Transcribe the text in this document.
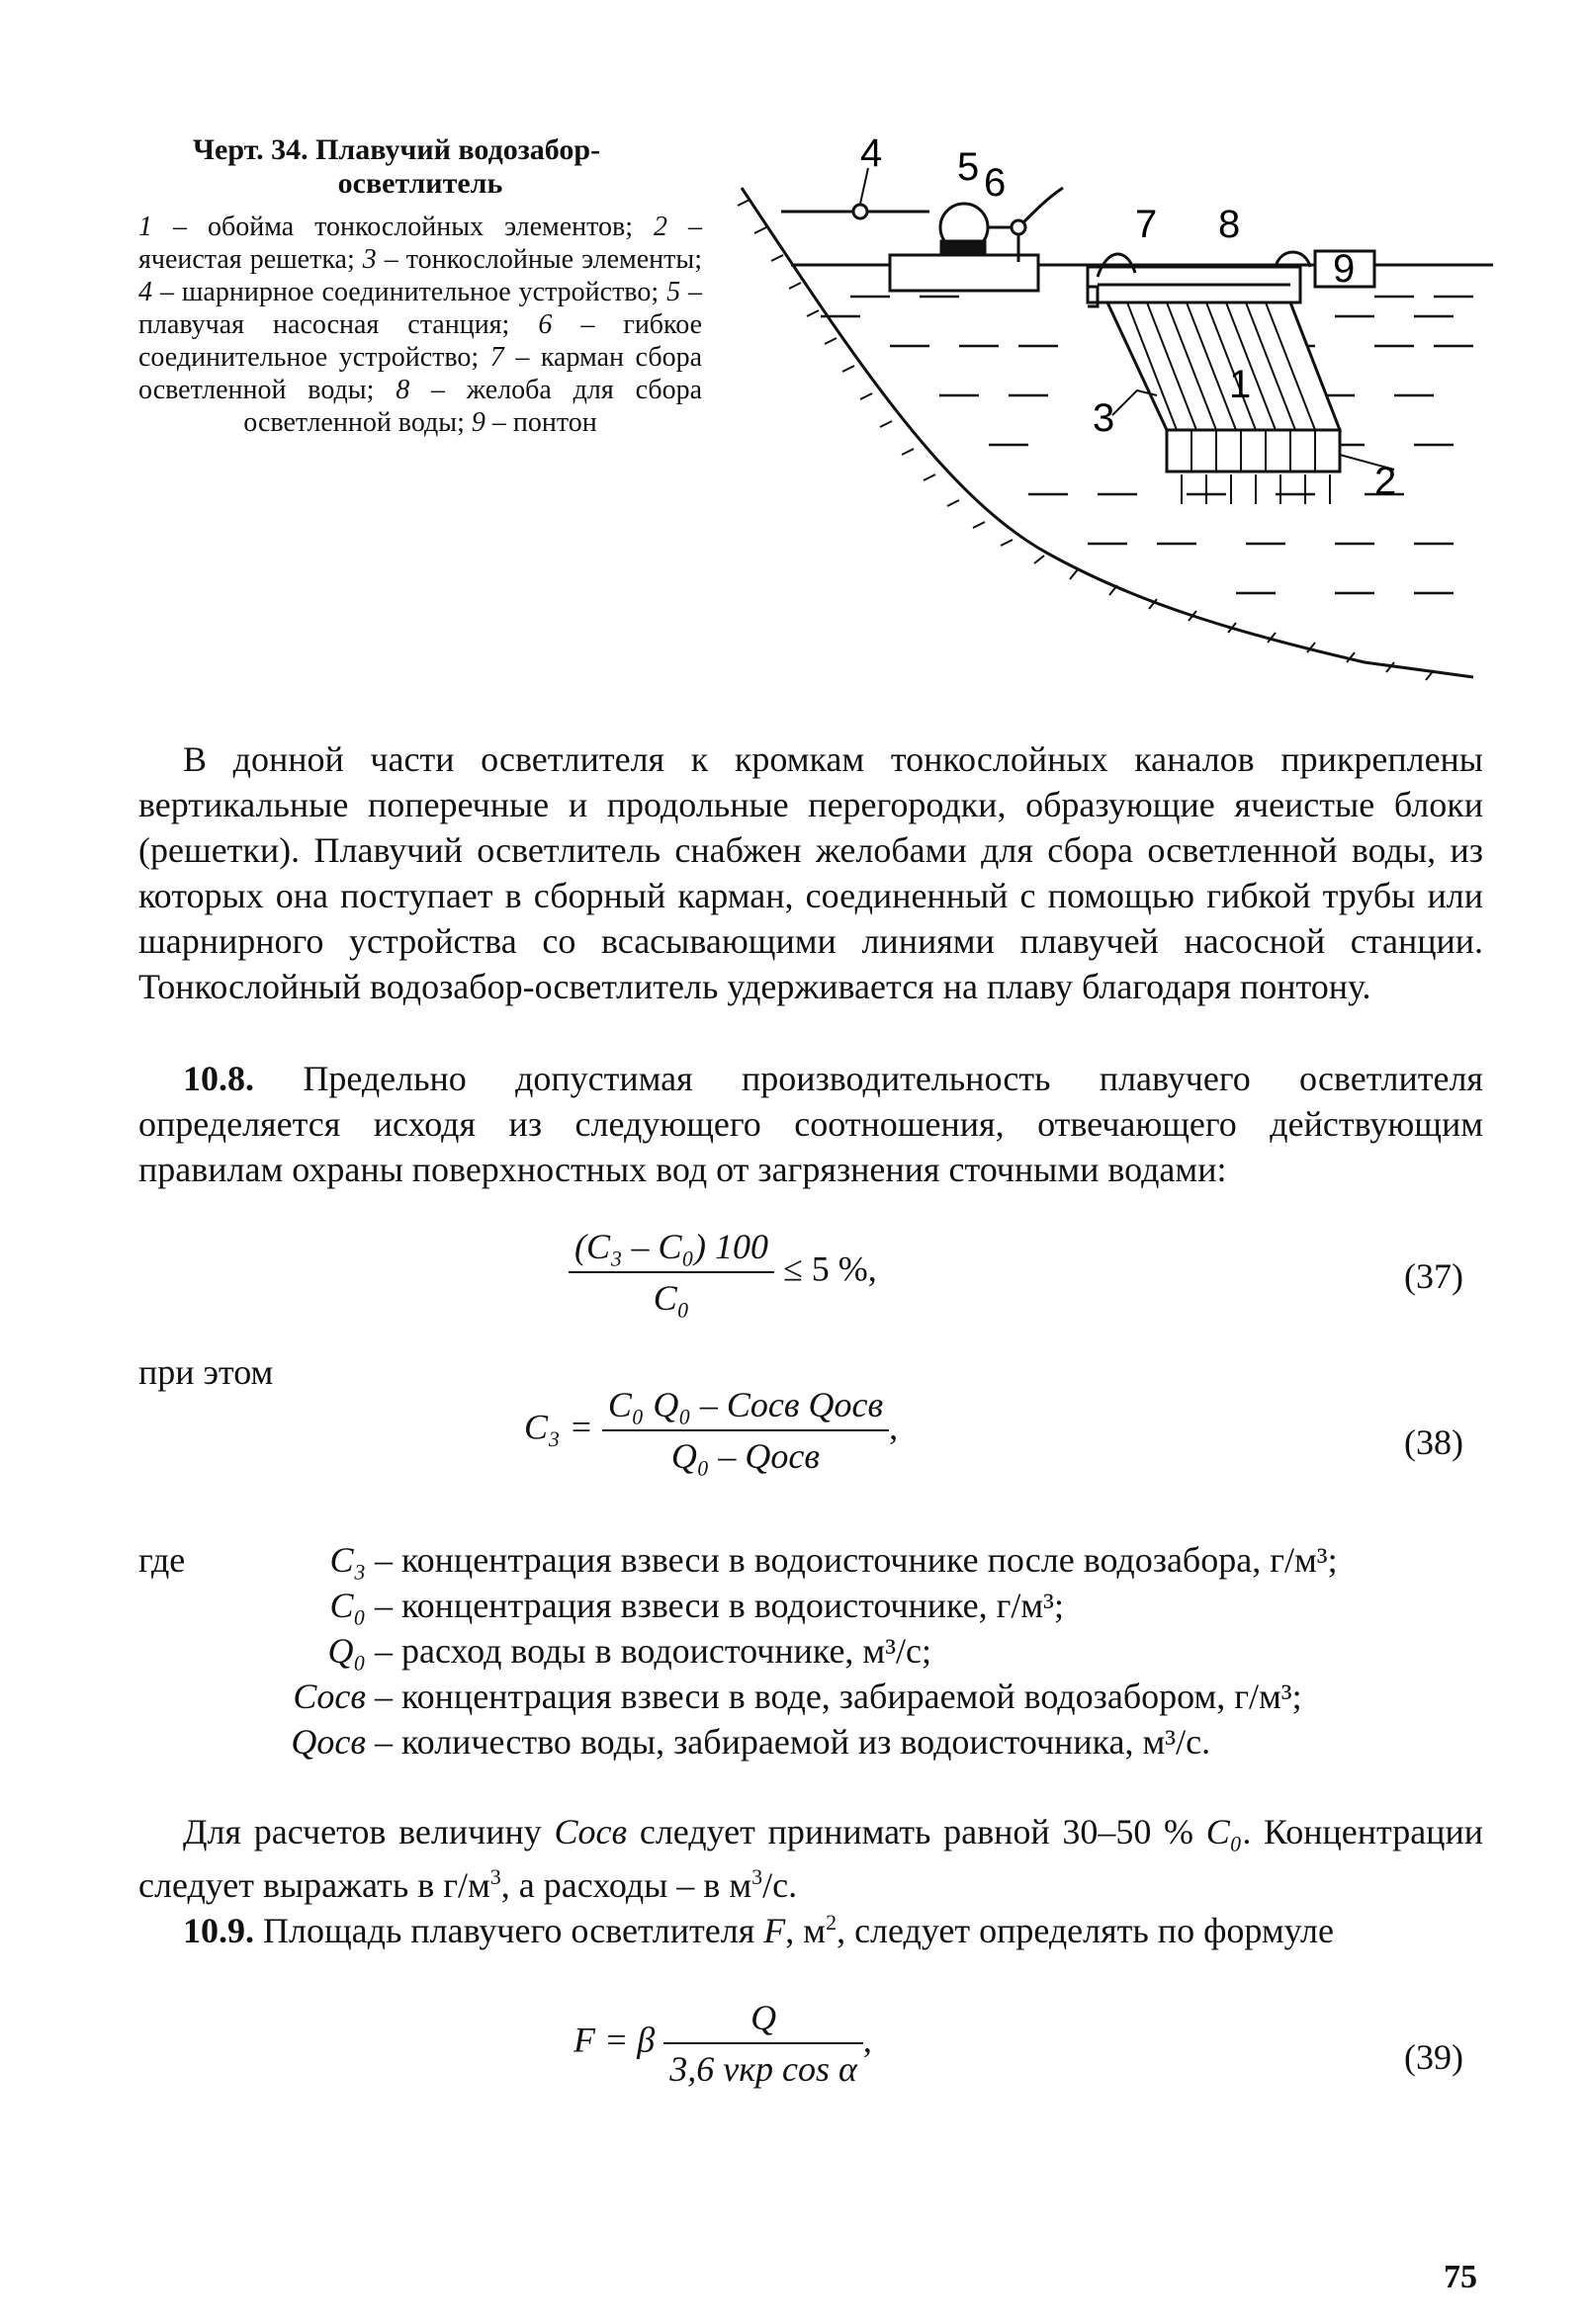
Черт. 34. Плавучий водозабор-
осветлитель

1 – обойма тонкослойных элементов; 2 – ячеистая решетка; 3 – тонкослойные элементы; 4 – шарнирное соединительное устройство; 5 – плавучая насосная станция; 6 – гибкое соединительное устройство; 7 – карман сбора осветленной воды; 8 – желоба для сбора осветленной воды; 9 – понтон

4 5 6
7 8
9
1
3
2

В донной части осветлителя к кромкам тонкослойных каналов прикреплены вертикальные поперечные и продольные перегородки, образующие ячеистые блоки (решетки). Плавучий осветлитель снабжен желобами для сбора осветленной воды, из которых она поступает в сборный карман, соединенный с помощью гибкой трубы или шарнирного устройства со всасывающими линиями плавучей насосной станции. Тонкослойный водозабор-осветлитель удерживается на плаву благодаря понтону.

10.8. Предельно допустимая производительность плавучего осветлителя определяется исходя из следующего соотношения, отвечающего действующим правилам охраны поверхностных вод от загрязнения сточными водами:

$\frac{\text{(C₃ – C₀) 100}}{\text{C₀}} \le 5$ %,	(37)

при этом

$C_3 = \frac{\text{C₀ Q₀ – Cосв Qосв}}{\text{Q₀ – Qосв}}$ ,	(38)
где	C₃ – концентрация взвеси в водоисточнике после водозабора, г/м³;
C₀ – концентрация взвеси в водоисточнике, г/м³;
Q₀ – расход воды в водоисточнике, м³/с;
Cосв – концентрация взвеси в воде, забираемой водозабором, г/м³;
Qосв – количество воды, забираемой из водоисточника, м³/с.

Для расчетов величину Cосв следует принимать равной 30–50 % C₀. Концентрации следует выражать в $г/м^3$, а расходы – в $м^3/с$.

10.9. Площадь плавучего осветлителя F, $м^2$, следует определять по формуле

F = β $\frac{Q}{\text{3,6 vкр cos α}}$ ,	(39)
75
